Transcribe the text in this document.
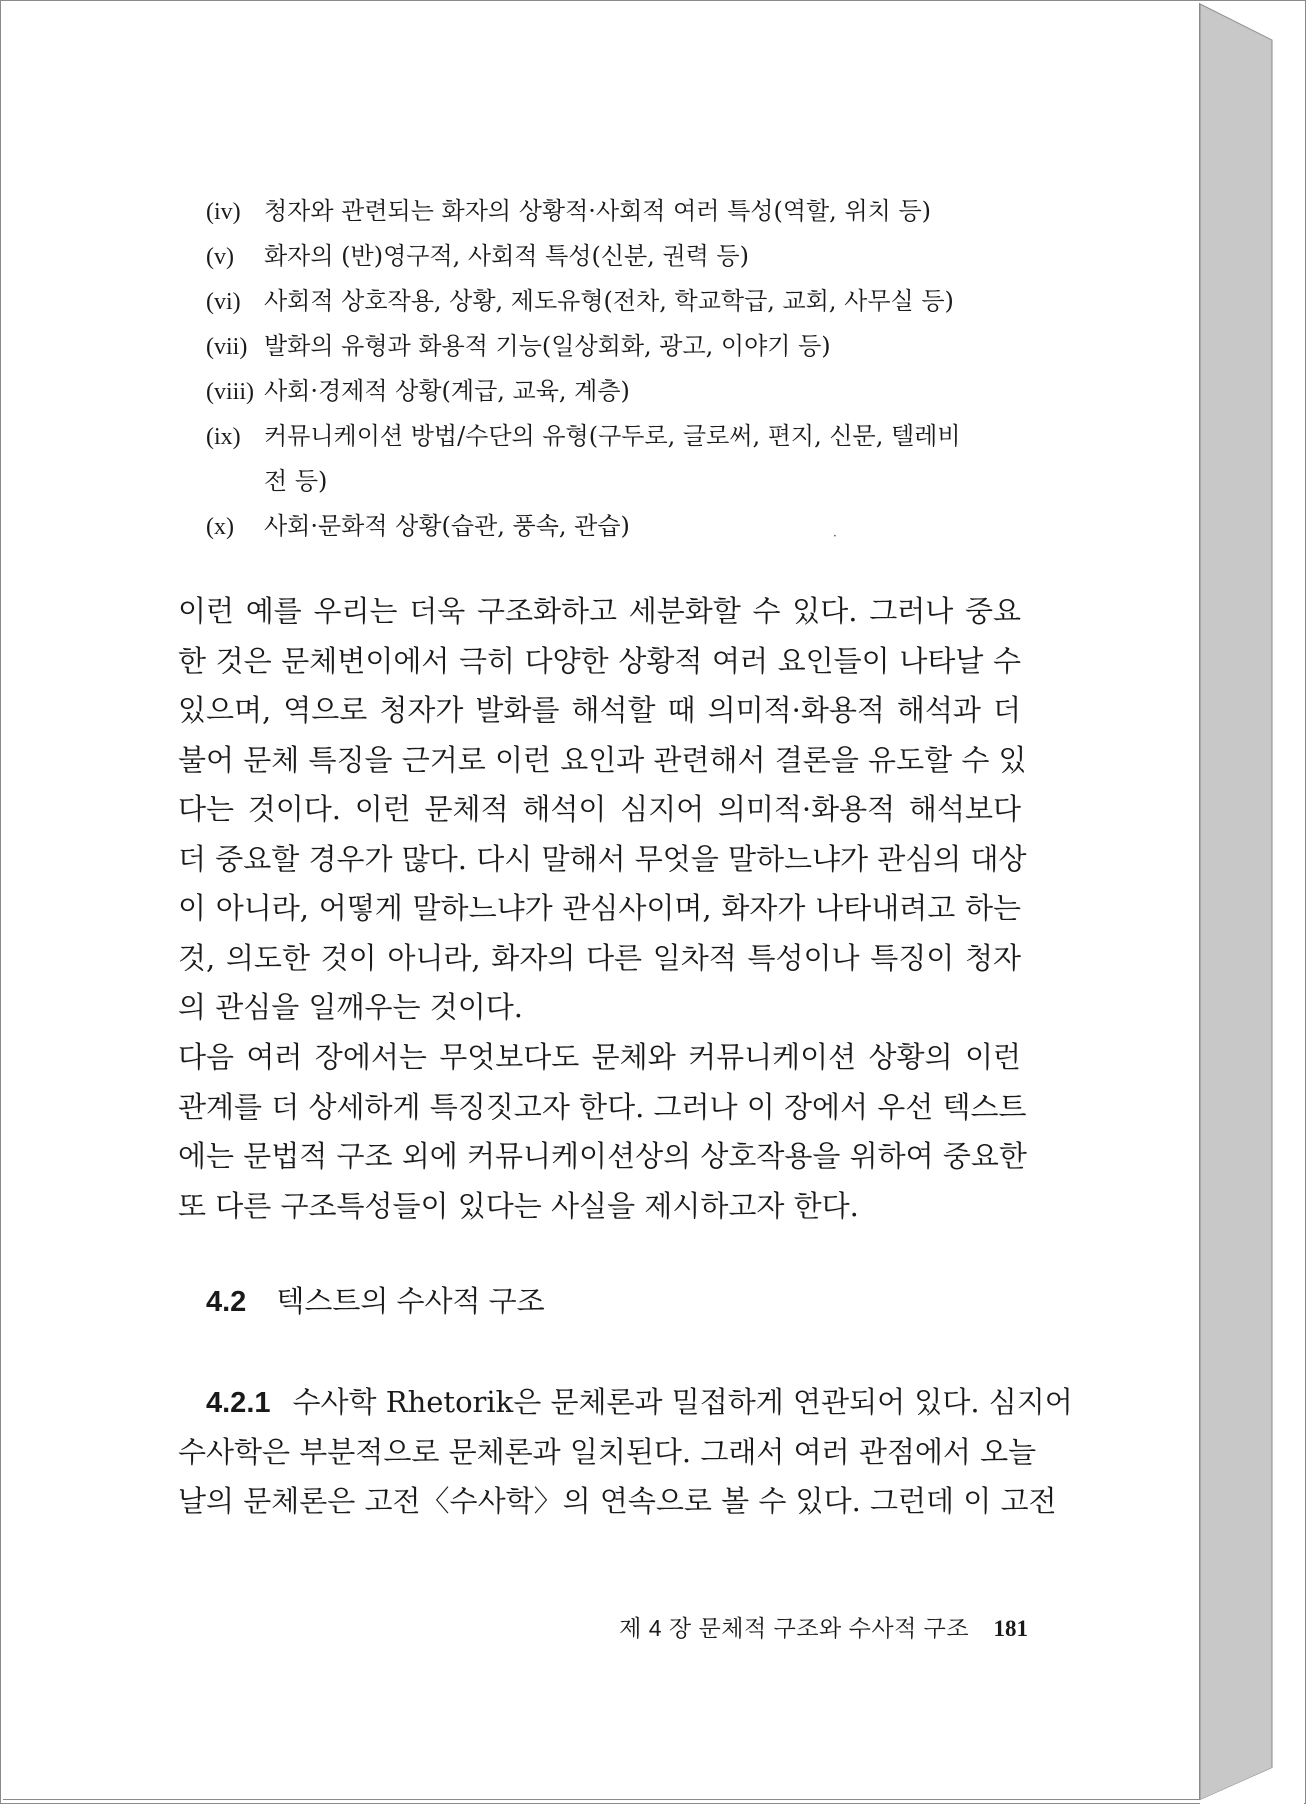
(iv) 청자와 관련되는 화자의 상황적·사회적 여러 특성(역할, 위치 등)
(v)	화자의 (반)영구적, 사회적 특성(신분, 권력 등)
(vi) 사회적 상호작용, 상황, 제도유형(전차, 학교학급, 교회, 사무실 등)
(vii) 발화의 유형과 화용적 기능(일상회화, 광고, 이야기 등)
(viii) 사회·경제적 상황(계급, 교육, 계층)
(ix) 커뮤니케이션 방법/수단의 유형(구두로, 글로써, 편지, 신문, 텔레비
전 등)
(x)	사회·문화적 상황(습관, 풍속, 관습)	·
이런 예를 우리는 더욱 구조화하고 세분화할 수 있다. 그러나 중요
한 것은 문체변이에서 극히 다양한 상황적 여러 요인들이 나타날 수
있으며, 역으로 청자가 발화를 해석할 때 의미적·화용적 해석과 더
불어 문체 특징을 근거로 이런 요인과 관련해서 결론을 유도할 수 있
다는 것이다. 이런 문체적 해석이 심지어 의미적·화용적 해석보다
더 중요할 경우가 많다. 다시 말해서 무엇을 말하느냐가 관심의 대상
이 아니라, 어떻게 말하느냐가 관심사이며, 화자가 나타내려고 하는
것, 의도한 것이 아니라, 화자의 다른 일차적 특성이나 특징이 청자
의 관심을 일깨우는 것이다.
다음 여러 장에서는 무엇보다도 문체와 커뮤니케이션 상황의 이런
관계를 더 상세하게 특징짓고자 한다. 그러나 이 장에서 우선 텍스트
에는 문법적 구조 외에 커뮤니케이션상의 상호작용을 위하여 중요한
또 다른 구조특성들이 있다는 사실을 제시하고자 한다.
4.2 텍스트의 수사적 구조
4.2.1 수사학 Rhetorik은 문체론과 밀접하게 연관되어 있다. 심지어
수사학은 부분적으로 문체론과 일치된다. 그래서 여러 관점에서 오늘
날의 문체론은 고전〈수사학〉의 연속으로 볼 수 있다. 그런데 이 고전
제 4 장 문체적 구조와 수사적 구조 181
